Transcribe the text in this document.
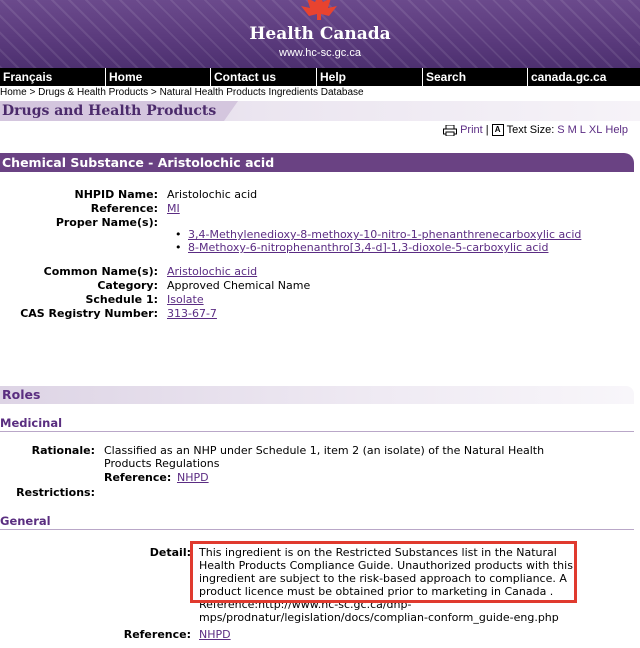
Health Canada
www.hc-sc.gc.ca
Français	Home	Contact us	Help	Search	canada.gc.ca
Home > Drugs & Health Products > Natural Health Products Ingredients Database
Drugs and Health Products
Print | A Text Size: S M L XL Help
Chemical Substance - Aristolochic acid
NHPID Name: Aristolochic acid
Reference: MI
Proper Name(s):
• 3,4-Methylenedioxy-8-methoxy-10-nitro-1-phenanthrenecarboxylic acid
• 8-Methoxy-6-nitrophenanthro[3,4-d]-1,3-dioxole-5-carboxylic acid
Common Name(s): Aristolochic acid
Category: Approved Chemical Name
Schedule 1: Isolate
CAS Registry Number: 313-67-7
Roles
Medicinal
Rationale: Classified as an NHP under Schedule 1, item 2 (an isolate) of the Natural Health
Products Regulations
Reference: NHPD
Restrictions:
General
Detail: This ingredient is on the Restricted Substances list in the Natural
Health Products Compliance Guide. Unauthorized products with this
ingredient are subject to the risk-based approach to compliance. A
product licence must be obtained prior to marketing in Canada .
Reference:http://www.hc-sc.gc.ca/dhp-
mps/prodnatur/legislation/docs/complian-conform_guide-eng.php
Reference: NHPD
